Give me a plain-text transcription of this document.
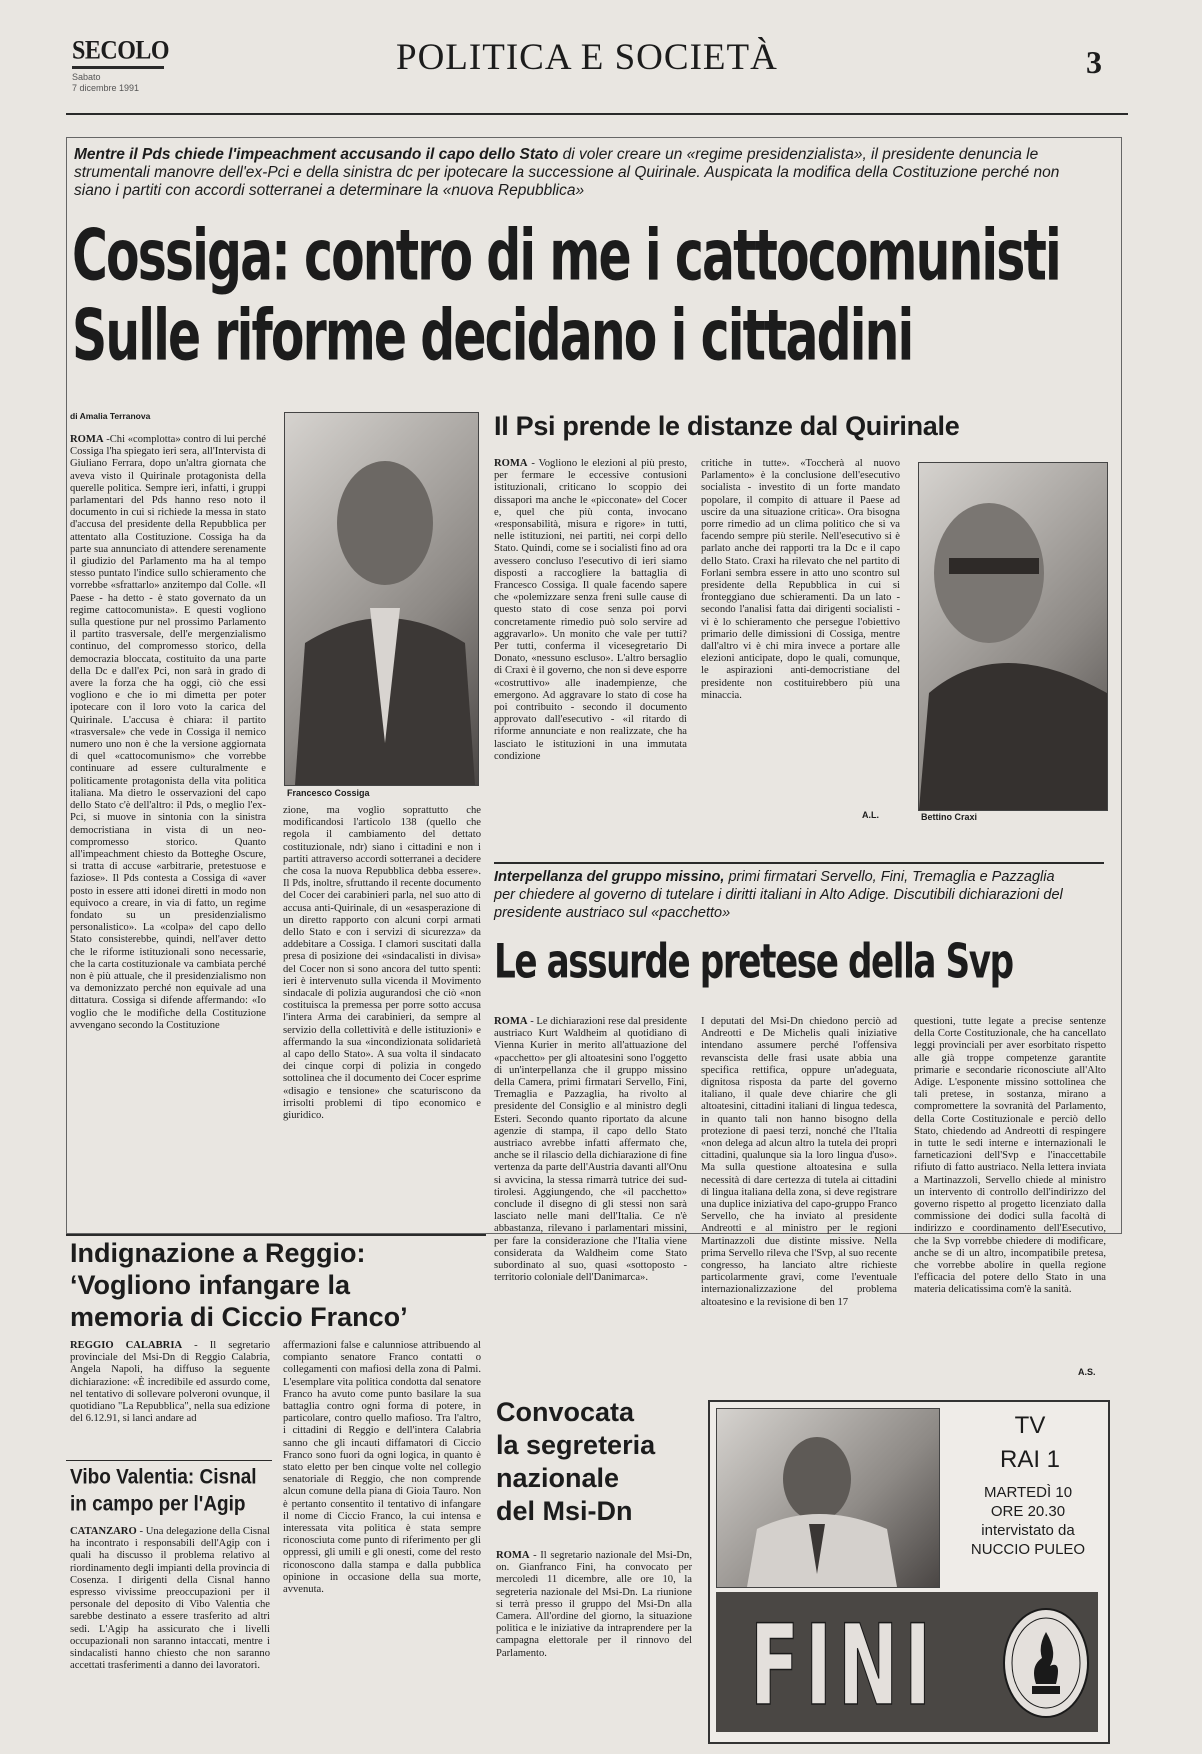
SECOLO
Sabato
7 dicembre 1991
POLITICA E SOCIETÀ	3
Mentre il Pds chiede l'impeachment accusando il capo dello Stato di voler creare un «regime presidenzialista», il presidente denuncia le strumentali manovre dell'ex-Pci e della sinistra dc per ipotecare la successione al Quirinale. Auspicata la modifica della Costituzione perché non siano i partiti con accordi sotterranei a determinare la «nuova Repubblica»
Cossiga: contro di me i cattocomunisti
Sulle riforme decidano i cittadini
di Amalia Terranova

ROMA -Chi «complotta» contro di lui perché Cossiga l'ha spiegato ieri sera, all'Intervista di Giuliano Ferrara, dopo un'altra giornata che aveva visto il Quirinale protagonista della querelle politica. Sempre ieri, infatti, i gruppi parlamentari del Pds hanno reso noto il documento in cui si richiede la messa in stato d'accusa del presidente della Repubblica per attentato alla Costituzione. Cossiga ha da parte sua annunciato di attendere serenamente il giudizio del Parlamento ma ha al tempo stesso puntato l'indice sullo schieramento che vorrebbe «sfrattarlo» anzitempo dal Colle. «Il Paese - ha detto - è stato governato da un regime cattocomunista». E questi vogliono sulla questione pur nel prossimo Parlamento il partito trasversale, dell'e mergenzialismo continuo, del compromesso storico, della democrazia bloccata, costituito da una parte della Dc e dall'ex Pci, non sarà in grado di avere la forza che ha oggi, ciò che essi vogliono e che io mi dimetta per poter ipotecare con il loro voto la carica del Quirinale. L'accusa è chiara: il partito «trasversale» che vede in Cossiga il nemico numero uno non è che la versione aggiornata di quel «cattocomunismo» che vorrebbe continuare ad essere culturalmente e politicamente protagonista della vita politica italiana. Ma dietro le osservazioni del capo dello Stato c'è dell'altro: il Pds, o meglio l'ex-Pci, si muove in sintonia con la sinistra democristiana in vista di un neo-compromesso storico. Quanto all'impeachment chiesto da Botteghe Oscure, si tratta di accuse «arbitrarie, pretestuose e faziose». Il Pds contesta a Cossiga di «aver posto in essere atti idonei diretti in modo non equivoco a creare, in via di fatto, un regime fondato su un presidenzialismo personalistico». La «colpa» del capo dello Stato consisterebbe, quindi, nell'aver detto che le riforme istituzionali sono necessarie, che la carta costituzionale va cambiata perché non è più attuale, che il presidenzialismo non va demonizzato perché non equivale ad una dittatura. Cossiga si difende affermando: «Io voglio che le modifiche della Costituzione avvengano secondo la Costituzione

Francesco Cossiga

zione, ma voglio soprattutto che modificandosi l'articolo 138 (quello che regola il cambiamento del dettato costituzionale, ndr) siano i cittadini e non i partiti attraverso accordi sotterranei a decidere che cosa la nuova Repubblica debba essere». Il Pds, inoltre, sfruttando il recente documento del Cocer dei carabinieri parla, nel suo atto di accusa anti-Quirinale, di un «esasperazione di un diretto rapporto con alcuni corpi armati dello Stato e con i servizi di sicurezza» da addebitare a Cossiga. I clamori suscitati dalla presa di posizione dei «sindacalisti in divisa» del Cocer non si sono ancora del tutto spenti: ieri è intervenuto sulla vicenda il Movimento sindacale di polizia augurandosi che ciò «non costituisca la premessa per porre sotto accusa l'intera Arma dei carabinieri, da sempre al servizio della collettività e delle istituzioni» e affermando la sua «incondizionata solidarietà al capo dello Stato». A sua volta il sindacato dei cinque corpi di polizia in congedo sottolinea che il documento dei Cocer esprime «disagio e tensione» che scaturiscono da irrisolti problemi di tipo economico e giuridico.

Il Psi prende le distanze dal Quirinale

ROMA - Vogliono le elezioni al più presto, per fermare le eccessive contusioni istituzionali, criticano lo scoppio dei dissapori ma anche le «picconate» del Cocer e, quel che più conta, invocano «responsabilità, misura e rigore» in tutti, nelle istituzioni, nei partiti, nei corpi dello Stato. Quindi, come se i socialisti fino ad ora avessero concluso l'esecutivo di ieri siamo disposti a raccogliere la battaglia di Francesco Cossiga. Il quale facendo sapere che «polemizzare senza freni sulle cause di questo stato di cose senza poi porvi concretamente rimedio può solo servire ad aggravarlo». Un monito che vale per tutti? Per tutti, conferma il vicesegretario Di Donato, «nessuno escluso». L'altro bersaglio di Craxi è il governo, che non si deve esporre «costruttivo» alle inadempienze, che emergono. Ad aggravare lo stato di cose ha poi contribuito - secondo il documento approvato dall'esecutivo - «il ritardo di riforme annunciate e non realizzate, che ha lasciato le istituzioni in una immutata condizione

critiche in tutte». «Toccherà al nuovo Parlamento» è la conclusione dell'esecutivo socialista - investito di un forte mandato popolare, il compito di attuare il Paese ad uscire da una situazione critica». Ora bisogna porre rimedio ad un clima politico che si va facendo sempre più sterile. Nell'esecutivo si è parlato anche dei rapporti tra la Dc e il capo dello Stato. Craxi ha rilevato che nel partito di Forlani sembra essere in atto uno scontro sul presidente della Repubblica in cui si fronteggiano due schieramenti. Da un lato - secondo l'analisi fatta dai dirigenti socialisti - vi è lo schieramento che persegue l'obiettivo primario delle dimissioni di Cossiga, mentre dall'altro vi è chi mira invece a portare alle elezioni anticipate, dopo le quali, comunque, le aspirazioni anti-democristiane del presidente non costituirebbero più una minaccia.

A.L.	Bettino Craxi
Interpellanza del gruppo missino, primi firmatari Servello, Fini, Tremaglia e Pazzaglia per chiedere al governo di tutelare i diritti italiani in Alto Adige. Discutibili dichiarazioni del presidente austriaco sul «pacchetto»
Le assurde pretese della Svp

ROMA - Le dichiarazioni rese dal presidente austriaco Kurt Waldheim al quotidiano di Vienna Kurier in merito all'attuazione del «pacchetto» per gli altoatesini sono l'oggetto di un'interpellanza che il gruppo missino della Camera, primi firmatari Servello, Fini, Tremaglia e Pazzaglia, ha rivolto al presidente del Consiglio e al ministro degli Esteri. Secondo quanto riportato da alcune agenzie di stampa, il capo dello Stato austriaco avrebbe infatti affermato che, anche se il rilascio della dichiarazione di fine vertenza da parte dell'Austria davanti all'Onu si avvicina, la stessa rimarrà tutrice dei sud-tirolesi. Aggiungendo, che «il pacchetto» conclude il disegno di gli stessi non sarà lasciato nelle mani dell'Italia. Ce n'è abbastanza, rilevano i parlamentari missini, per fare la considerazione che l'Italia viene considerata da Waldheim come Stato subordinato al suo, quasi «sottoposto - territorio coloniale dell'Danimarca».

I deputati del Msi-Dn chiedono perciò ad Andreotti e De Michelis quali iniziative intendano assumere perché l'offensiva revanscista delle frasi usate abbia una specifica rettifica, oppure un'adeguata, dignitosa risposta da parte del governo italiano, il quale deve chiarire che gli altoatesini, cittadini italiani di lingua tedesca, in quanto tali non hanno bisogno della protezione di paesi terzi, nonché che l'Italia «non delega ad alcun altro la tutela dei propri cittadini, qualunque sia la loro lingua d'uso». Ma sulla questione altoatesina e sulla necessità di dare certezza di tutela ai cittadini di lingua italiana della zona, si deve registrare una duplice iniziativa del capo-gruppo Franco Servello, che ha inviato al presidente Andreotti e al ministro per le regioni Martinazzoli due distinte missive. Nella prima Servello rileva che l'Svp, al suo recente congresso, ha lanciato altre richieste particolarmente gravi, come l'eventuale internazionalizzazione del problema altoatesino e la revisione di ben 17

questioni, tutte legate a precise sentenze della Corte Costituzionale, che ha cancellato leggi provinciali per aver esorbitato rispetto alle già troppe competenze garantite primarie e secondarie riconosciute all'Alto Adige. L'esponente missino sottolinea che tali pretese, in sostanza, mirano a compromettere la sovranità del Parlamento, della Corte Costituzionale e perciò dello Stato, chiedendo ad Andreotti di respingere in tutte le sedi interne e internazionali le farneticazioni dell'Svp e l'inaccettabile rifiuto di fatto austriaco. Nella lettera inviata a Martinazzoli, Servello chiede al ministro un intervento di controllo dell'indirizzo del governo rispetto al progetto licenziato dalla commissione dei dodici sulla facoltà di indirizzo e coordinamento dell'Esecutivo, che la Svp vorrebbe chiedere di modificare, anche se di un altro, incompatibile pretesa, che vorrebbe abolire in quella regione l'efficacia del potere dello Stato in una materia delicatissima com'è la sanità.

A.S.
Indignazione a Reggio:
‘Vogliono infangare la
memoria di Ciccio Franco’

REGGIO CALABRIA - Il segretario provinciale del Msi-Dn di Reggio Calabria, Angela Napoli, ha diffuso la seguente dichiarazione: «È incredibile ed assurdo come, nel tentativo di sollevare polveroni ovunque, il quotidiano "La Repubblica", nella sua edizione del 6.12.91, si lanci andare ad

affermazioni false e calunniose attribuendo al compianto senatore Franco contatti o collegamenti con mafiosi della zona di Palmi. L'esemplare vita politica condotta dal senatore Franco ha avuto come punto basilare la sua battaglia contro ogni forma di potere, in particolare, contro quello mafioso. Tra l'altro, i cittadini di Reggio e dell'intera Calabria sanno che gli incauti diffamatori di Ciccio Franco sono fuori da ogni logica, in quanto è stato eletto per ben cinque volte nel collegio senatoriale di Reggio, che non comprende alcun comune della piana di Gioia Tauro. Non è pertanto consentito il tentativo di infangare il nome di Ciccio Franco, la cui intensa e interessata vita politica è stata sempre riconosciuta come punto di riferimento per gli oppressi, gli umili e gli onesti, come del resto riconoscono dalla stampa e dalla pubblica opinione in occasione della sua morte, avvenuta.

Vibo Valentia: Cisnal
in campo per l'Agip

CATANZARO - Una delegazione della Cisnal ha incontrato i responsabili dell'Agip con i quali ha discusso il problema relativo al riordinamento degli impianti della provincia di Cosenza. I dirigenti della Cisnal hanno espresso vivissime preoccupazioni per il personale del deposito di Vibo Valentia che sarebbe destinato a essere trasferito ad altri sedi. L'Agip ha assicurato che i livelli occupazionali non saranno intaccati, mentre i sindacalisti hanno chiesto che non saranno accettati trasferimenti a danno dei lavoratori.

Convocata
la segreteria
nazionale
del Msi-Dn

ROMA - Il segretario nazionale del Msi-Dn, on. Gianfranco Fini, ha convocato per mercoledì 11 dicembre, alle ore 10, la segreteria nazionale del Msi-Dn. La riunione si terrà presso il gruppo del Msi-Dn alla Camera. All'ordine del giorno, la situazione politica e le iniziative da intraprendere per la campagna elettorale per il rinnovo del Parlamento.

TV
RAI 1
MARTEDÌ 10
ORE 20.30
intervistato da
NUCCIO PULEO
FINI
